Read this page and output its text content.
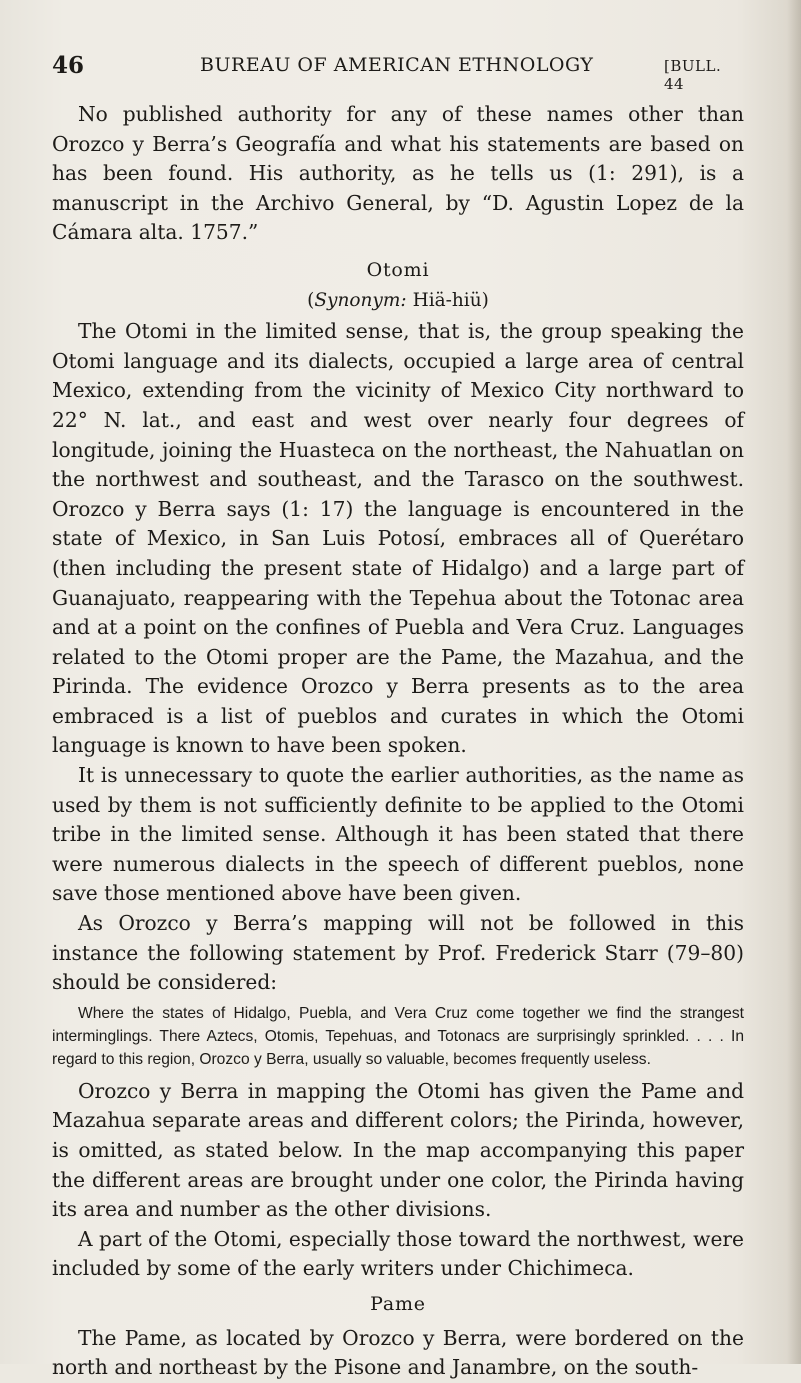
46	BUREAU OF AMERICAN ETHNOLOGY	[BULL. 44

No published authority for any of these names other than Orozco y Berra’s Geografía and what his statements are based on has been found. His authority, as he tells us (1: 291), is a manuscript in the Archivo General, by “D. Agustin Lopez de la Cámara alta. 1757.”

Otomi
(Synonym: Hiä-hiü)

The Otomi in the limited sense, that is, the group speaking the Otomi language and its dialects, occupied a large area of central Mexico, extending from the vicinity of Mexico City northward to 22° N. lat., and east and west over nearly four degrees of longitude, joining the Huasteca on the northeast, the Nahuatlan on the northwest and southeast, and the Tarasco on the southwest. Orozco y Berra says (1: 17) the language is encountered in the state of Mexico, in San Luis Potosí, embraces all of Querétaro (then including the present state of Hidalgo) and a large part of Guanajuato, reappearing with the Tepehua about the Totonac area and at a point on the confines of Puebla and Vera Cruz. Languages related to the Otomi proper are the Pame, the Mazahua, and the Pirinda. The evidence Orozco y Berra presents as to the area embraced is a list of pueblos and curates in which the Otomi language is known to have been spoken.

It is unnecessary to quote the earlier authorities, as the name as used by them is not sufficiently definite to be applied to the Otomi tribe in the limited sense. Although it has been stated that there were numerous dialects in the speech of different pueblos, none save those mentioned above have been given.

As Orozco y Berra’s mapping will not be followed in this instance the following statement by Prof. Frederick Starr (79–80) should be considered:

Where the states of Hidalgo, Puebla, and Vera Cruz come together we find the strangest interminglings. There Aztecs, Otomis, Tepehuas, and Totonacs are surprisingly sprinkled. . . . In regard to this region, Orozco y Berra, usually so valuable, becomes frequently useless.

Orozco y Berra in mapping the Otomi has given the Pame and Mazahua separate areas and different colors; the Pirinda, however, is omitted, as stated below. In the map accompanying this paper the different areas are brought under one color, the Pirinda having its area and number as the other divisions.

A part of the Otomi, especially those toward the northwest, were included by some of the early writers under Chichimeca.

Pame

The Pame, as located by Orozco y Berra, were bordered on the north and northeast by the Pisone and Janambre, on the south-
